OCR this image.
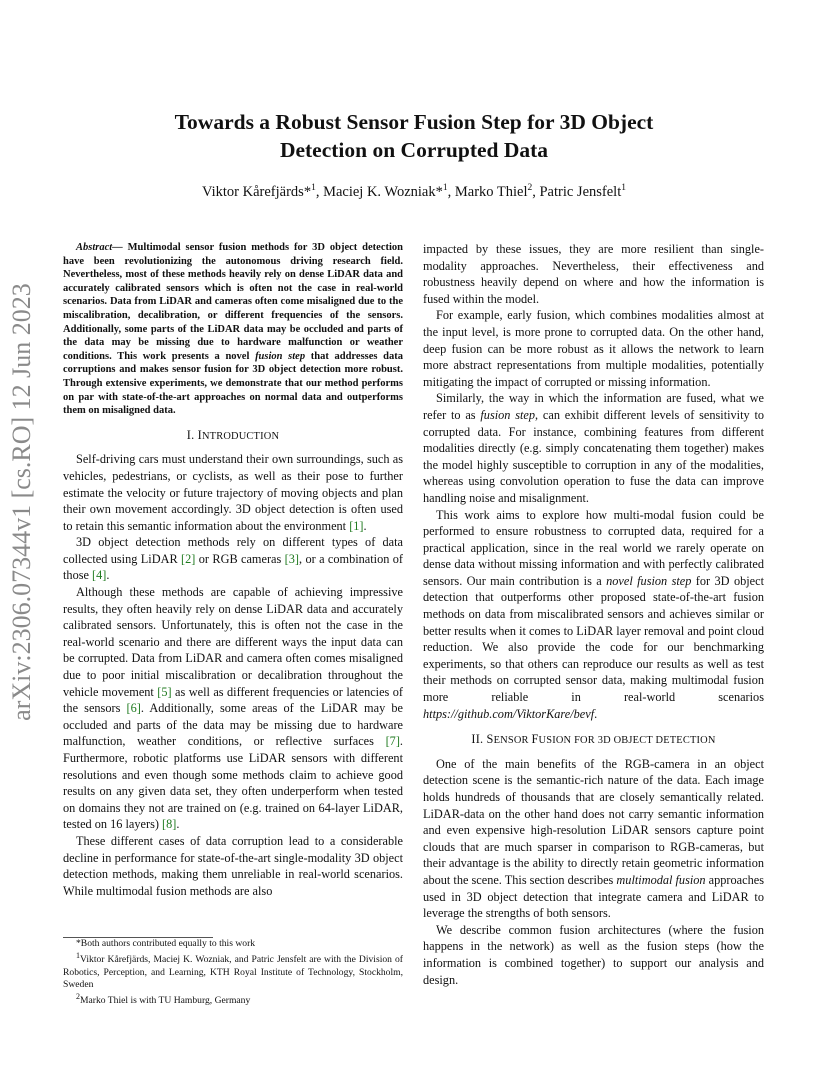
arXiv:2306.07344v1 [cs.RO] 12 Jun 2023
Towards a Robust Sensor Fusion Step for 3D Object
Detection on Corrupted Data
Viktor Kårefjärds*$^1$, Maciej K. Wozniak*$^1$, Marko Thiel$^2$, Patric Jensfelt$^1$

Abstract— Multimodal sensor fusion methods for 3D object detection have been revolutionizing the autonomous driving research field. Nevertheless, most of these methods heavily rely on dense LiDAR data and accurately calibrated sensors which is often not the case in real-world scenarios. Data from LiDAR and cameras often come misaligned due to the miscalibration, decalibration, or different frequencies of the sensors. Additionally, some parts of the LiDAR data may be occluded and parts of the data may be missing due to hardware malfunction or weather conditions. This work presents a novel fusion step that addresses data corruptions and makes sensor fusion for 3D object detection more robust. Through extensive experiments, we demonstrate that our method performs on par with state-of-the-art approaches on normal data and outperforms them on misaligned data.

I. INTRODUCTION

Self-driving cars must understand their own surroundings, such as vehicles, pedestrians, or cyclists, as well as their pose to further estimate the velocity or future trajectory of moving objects and plan their own movement accordingly. 3D object detection is often used to retain this semantic information about the environment [1].

3D object detection methods rely on different types of data collected using LiDAR [2] or RGB cameras [3], or a combination of those [4].

Although these methods are capable of achieving impressive results, they often heavily rely on dense LiDAR data and accurately calibrated sensors. Unfortunately, this is often not the case in the real-world scenario and there are different ways the input data can be corrupted. Data from LiDAR and camera often comes misaligned due to poor initial miscalibration or decalibration throughout the vehicle movement [5] as well as different frequencies or latencies of the sensors [6]. Additionally, some areas of the LiDAR may be occluded and parts of the data may be missing due to hardware malfunction, weather conditions, or reflective surfaces [7]. Furthermore, robotic platforms use LiDAR sensors with different resolutions and even though some methods claim to achieve good results on any given data set, they often underperform when tested on domains they not are trained on (e.g. trained on 64-layer LiDAR, tested on 16 layers) [8].

These different cases of data corruption lead to a considerable decline in performance for state-of-the-art single-modality 3D object detection methods, making them unreliable in real-world scenarios. While multimodal fusion methods are also

*Both authors contributed equally to this work

$^1$Viktor Kårefjärds, Maciej K. Wozniak, and Patric Jensfelt are with the Division of Robotics, Perception, and Learning, KTH Royal Institute of Technology, Stockholm, Sweden

$^2$Marko Thiel is with TU Hamburg, Germany

impacted by these issues, they are more resilient than single-modality approaches. Nevertheless, their effectiveness and robustness heavily depend on where and how the information is fused within the model.

For example, early fusion, which combines modalities almost at the input level, is more prone to corrupted data. On the other hand, deep fusion can be more robust as it allows the network to learn more abstract representations from multiple modalities, potentially mitigating the impact of corrupted or missing information.

Similarly, the way in which the information are fused, what we refer to as fusion step, can exhibit different levels of sensitivity to corrupted data. For instance, combining features from different modalities directly (e.g. simply concatenating them together) makes the model highly susceptible to corruption in any of the modalities, whereas using convolution operation to fuse the data can improve handling noise and misalignment.

This work aims to explore how multi-modal fusion could be performed to ensure robustness to corrupted data, required for a practical application, since in the real world we rarely operate on dense data without missing information and with perfectly calibrated sensors. Our main contribution is a novel fusion step for 3D object detection that outperforms other proposed state-of-the-art fusion methods on data from miscalibrated sensors and achieves similar or better results when it comes to LiDAR layer removal and point cloud reduction. We also provide the code for our benchmarking experiments, so that others can reproduce our results as well as test their methods on corrupted sensor data, making multimodal fusion more reliable in real-world scenarios https://github.com/ViktorKare/bevf.

II. SENSOR FUSION FOR 3D OBJECT DETECTION

One of the main benefits of the RGB-camera in an object detection scene is the semantic-rich nature of the data. Each image holds hundreds of thousands that are closely semantically related. LiDAR-data on the other hand does not carry semantic information and even expensive high-resolution LiDAR sensors capture point clouds that are much sparser in comparison to RGB-cameras, but their advantage is the ability to directly retain geometric information about the scene. This section describes multimodal fusion approaches used in 3D object detection that integrate camera and LiDAR to leverage the strengths of both sensors.

We describe common fusion architectures (where the fusion happens in the network) as well as the fusion steps (how the information is combined together) to support our analysis and design.
